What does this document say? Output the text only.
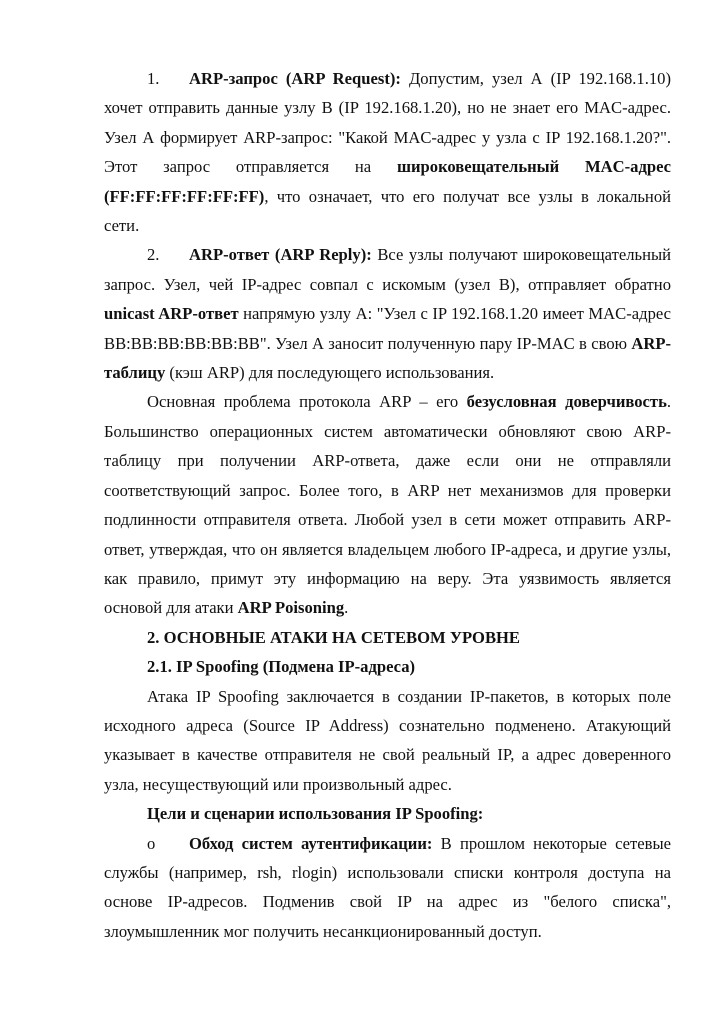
1. ARP-запрос (ARP Request): Допустим, узел А (IP 192.168.1.10) хочет отправить данные узлу В (IP 192.168.1.20), но не знает его MAC-адрес. Узел А формирует ARP-запрос: "Какой MAC-адрес у узла с IP 192.168.1.20?". Этот запрос отправляется на широковещательный MAC-адрес (FF:FF:FF:FF:FF:FF), что означает, что его получат все узлы в локальной сети.

2. ARP-ответ (ARP Reply): Все узлы получают широковещательный запрос. Узел, чей IP-адрес совпал с искомым (узел В), отправляет обратно unicast ARP-ответ напрямую узлу А: "Узел с IP 192.168.1.20 имеет MAC-адрес BB:BB:BB:BB:BB:BB". Узел А заносит полученную пару IP-MAC в свою ARP-таблицу (кэш ARP) для последующего использования.

Основная проблема протокола ARP – его безусловная доверчивость. Большинство операционных систем автоматически обновляют свою ARP-таблицу при получении ARP-ответа, даже если они не отправляли соответствующий запрос. Более того, в ARP нет механизмов для проверки подлинности отправителя ответа. Любой узел в сети может отправить ARP-ответ, утверждая, что он является владельцем любого IP-адреса, и другие узлы, как правило, примут эту информацию на веру. Эта уязвимость является основой для атаки ARP Poisoning.

2. ОСНОВНЫЕ АТАКИ НА СЕТЕВОМ УРОВНЕ

2.1. IP Spoofing (Подмена IP-адреса)

Атака IP Spoofing заключается в создании IP-пакетов, в которых поле исходного адреса (Source IP Address) сознательно подменено. Атакующий указывает в качестве отправителя не свой реальный IP, а адрес доверенного узла, несуществующий или произвольный адрес.

Цели и сценарии использования IP Spoofing:

o Обход систем аутентификации: В прошлом некоторые сетевые службы (например, rsh, rlogin) использовали списки контроля доступа на основе IP-адресов. Подменив свой IP на адрес из "белого списка", злоумышленник мог получить несанкционированный доступ.
